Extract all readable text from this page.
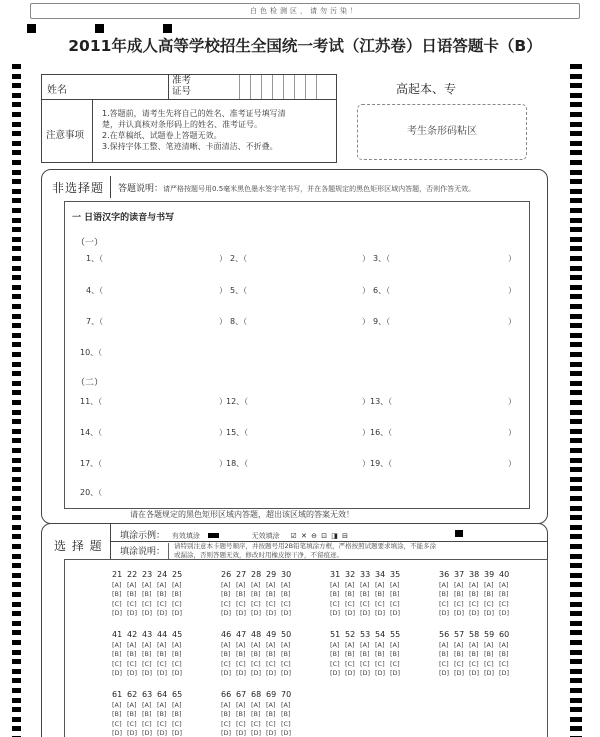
白色检测区，请勿污染！
2011年成人高等学校招生全国统一考试（江苏卷）日语答题卡（B）
姓名
准考
证号
注意事项
1.答题前，请考生先将自己的姓名、准考证号填写清
楚，并认真核对条形码上的姓名、准考证号。
2.在草稿纸、试题卷上答题无效。
3.保持字体工整、笔迹清晰、卡面清洁、不折叠。
高起本、专
考生条形码粘区
非选择题 答题说明：请严格按题号用0.5毫米黑色墨水签字笔书写，并在各题规定的黑色矩形区域内答题，否则作答无效。
一 日语汉字的读音与书写
（一）
（二）
1、（	） 2、（	） 3、（	）
4、（	） 5、（	） 6、（	）
7、（	） 8、（	） 9、（	）
10、（
11、（	） 12、（	） 13、（	）
14、（	） 15、（	） 16、（	）
17、（	） 18、（	） 19、（	）
20、（
请在各题规定的黑色矩形区域内答题，超出该区域的答案无效！
选 择 题
填涂示例： 有效填涂	无效填涂 ☑ ✕ ⊖ ⊡ ◨ ⊟
填涂说明：
请特别注意本卡题号顺序，并按题号用2B铅笔填涂方框，严格按照试题要求填涂，不能多涂
或漏涂，否则答题无效，修改时用橡皮擦干净，不留痕迹。
21 22 23 24 25
[A] [A] [A] [A] [A]
[B] [B] [B] [B] [B]
[C] [C] [C] [C] [C]
[D] [D] [D] [D] [D]
26 27 28 29 30
[A] [A] [A] [A] [A]
[B] [B] [B] [B] [B]
[C] [C] [C] [C] [C]
[D] [D] [D] [D] [D]
31 32 33 34 35
[A] [A] [A] [A] [A]
[B] [B] [B] [B] [B]
[C] [C] [C] [C] [C]
[D] [D] [D] [D] [D]
36 37 38 39 40
[A] [A] [A] [A] [A]
[B] [B] [B] [B] [B]
[C] [C] [C] [C] [C]
[D] [D] [D] [D] [D]
41 42 43 44 45
[A] [A] [A] [A] [A]
[B] [B] [B] [B] [B]
[C] [C] [C] [C] [C]
[D] [D] [D] [D] [D]
46 47 48 49 50
[A] [A] [A] [A] [A]
[B] [B] [B] [B] [B]
[C] [C] [C] [C] [C]
[D] [D] [D] [D] [D]
51 52 53 54 55
[A] [A] [A] [A] [A]
[B] [B] [B] [B] [B]
[C] [C] [C] [C] [C]
[D] [D] [D] [D] [D]
56 57 58 59 60
[A] [A] [A] [A] [A]
[B] [B] [B] [B] [B]
[C] [C] [C] [C] [C]
[D] [D] [D] [D] [D]
61 62 63 64 65
[A] [A] [A] [A] [A]
[B] [B] [B] [B] [B]
[C] [C] [C] [C] [C]
[D] [D] [D] [D] [D]
66 67 68 69 70
[A] [A] [A] [A] [A]
[B] [B] [B] [B] [B]
[C] [C] [C] [C] [C]
[D] [D] [D] [D] [D]
